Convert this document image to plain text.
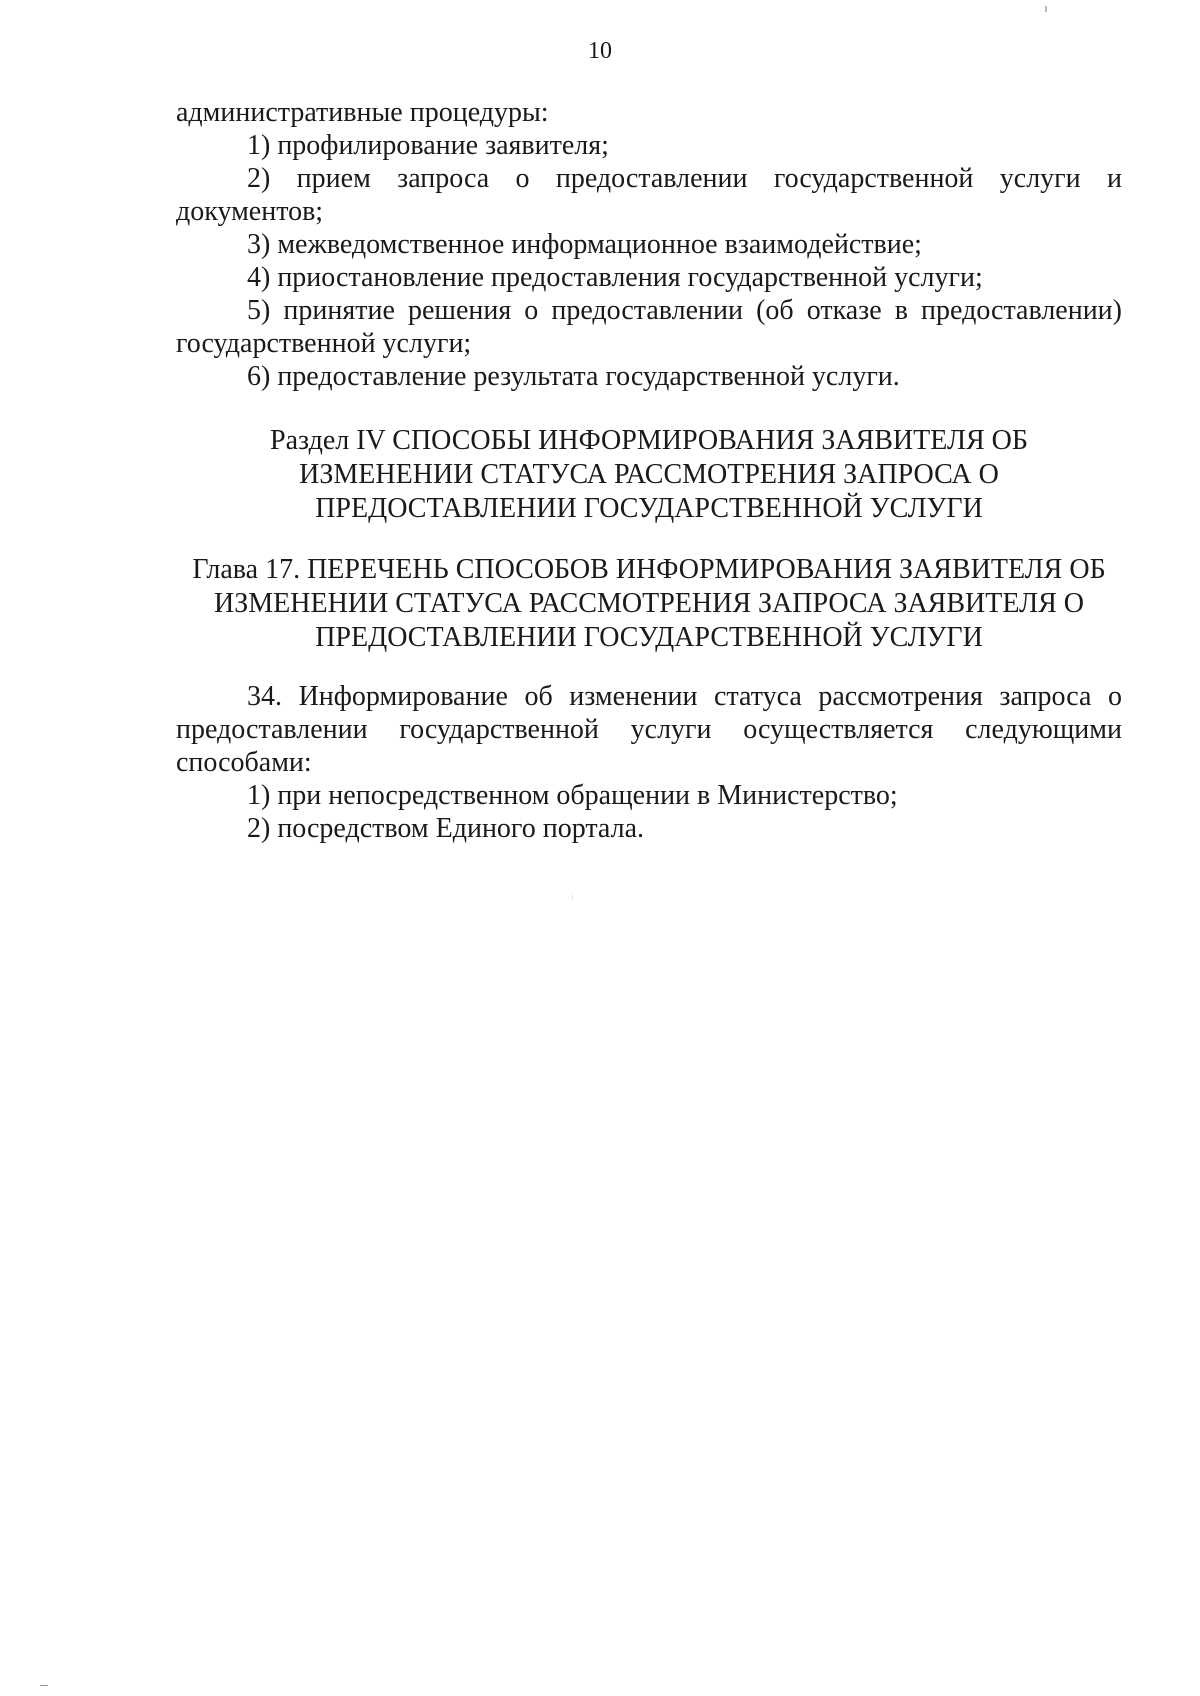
10

административные процедуры:

1) профилирование заявителя;

2) прием запроса о предоставлении государственной услуги и документов;

3) межведомственное информационное взаимодействие;

4) приостановление предоставления государственной услуги;

5) принятие решения о предоставлении (об отказе в предоставлении) государственной услуги;

6) предоставление результата государственной услуги.

Раздел IV СПОСОБЫ ИНФОРМИРОВАНИЯ ЗАЯВИТЕЛЯ ОБ
ИЗМЕНЕНИИ СТАТУСА РАССМОТРЕНИЯ ЗАПРОСА О
ПРЕДОСТАВЛЕНИИ ГОСУДАРСТВЕННОЙ УСЛУГИ
Глава 17. ПЕРЕЧЕНЬ СПОСОБОВ ИНФОРМИРОВАНИЯ ЗАЯВИТЕЛЯ ОБ
ИЗМЕНЕНИИ СТАТУСА РАССМОТРЕНИЯ ЗАПРОСА ЗАЯВИТЕЛЯ О
ПРЕДОСТАВЛЕНИИ ГОСУДАРСТВЕННОЙ УСЛУГИ

34. Информирование об изменении статуса рассмотрения запроса о предоставлении государственной услуги осуществляется следующими способами:

1) при непосредственном обращении в Министерство;

2) посредством Единого портала.
